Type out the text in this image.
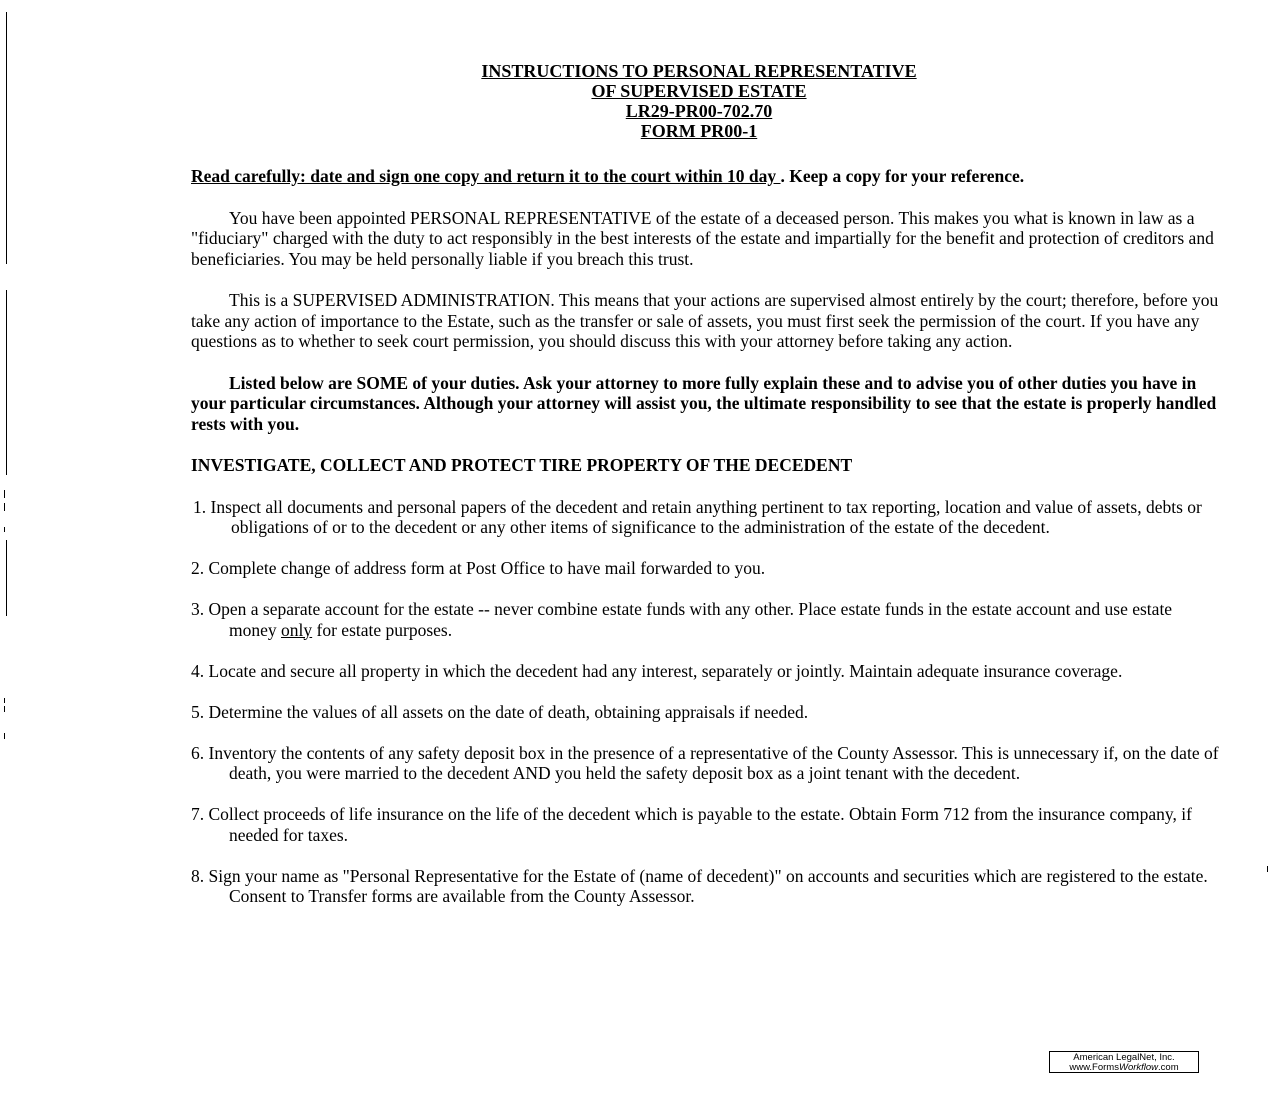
INSTRUCTIONS TO PERSONAL REPRESENTATIVE
OF SUPERVISED ESTATE
LR29-PR00-702.70
FORM PR00-1

Read carefully: date and sign one copy and return it to the court within 10 day . Keep a copy for your reference.

You have been appointed PERSONAL REPRESENTATIVE of the estate of a deceased person. This makes you what is known in law as a "fiduciary" charged with the duty to act responsibly in the best interests of the estate and impartially for the benefit and protection of creditors and beneficiaries. You may be held personally liable if you breach this trust.

This is a SUPERVISED ADMINISTRATION. This means that your actions are supervised almost entirely by the court; therefore, before you take any action of importance to the Estate, such as the transfer or sale of assets, you must first seek the permission of the court. If you have any questions as to whether to seek court permission, you should discuss this with your attorney before taking any action.

Listed below are SOME of your duties. Ask your attorney to more fully explain these and to advise you of other duties you have in your particular circumstances. Although your attorney will assist you, the ultimate responsibility to see that the estate is properly handled rests with you.

INVESTIGATE, COLLECT AND PROTECT TIRE PROPERTY OF THE DECEDENT

1. Inspect all documents and personal papers of the decedent and retain anything pertinent to tax reporting, location and value of assets, debts or obligations of or to the decedent or any other items of significance to the administration of the estate of the decedent.

2. Complete change of address form at Post Office to have mail forwarded to you.

3. Open a separate account for the estate -- never combine estate funds with any other. Place estate funds in the estate account and use estate money only for estate purposes.

4. Locate and secure all property in which the decedent had any interest, separately or jointly. Maintain adequate insurance coverage.

5. Determine the values of all assets on the date of death, obtaining appraisals if needed.

6. Inventory the contents of any safety deposit box in the presence of a representative of the County Assessor. This is unnecessary if, on the date of death, you were married to the decedent AND you held the safety deposit box as a joint tenant with the decedent.

7. Collect proceeds of life insurance on the life of the decedent which is payable to the estate. Obtain Form 712 from the insurance company, if needed for taxes.

8. Sign your name as "Personal Representative for the Estate of (name of decedent)" on accounts and securities which are registered to the estate. Consent to Transfer forms are available from the County Assessor.

American LegalNet, Inc.
www.FormsWorkflow.com
